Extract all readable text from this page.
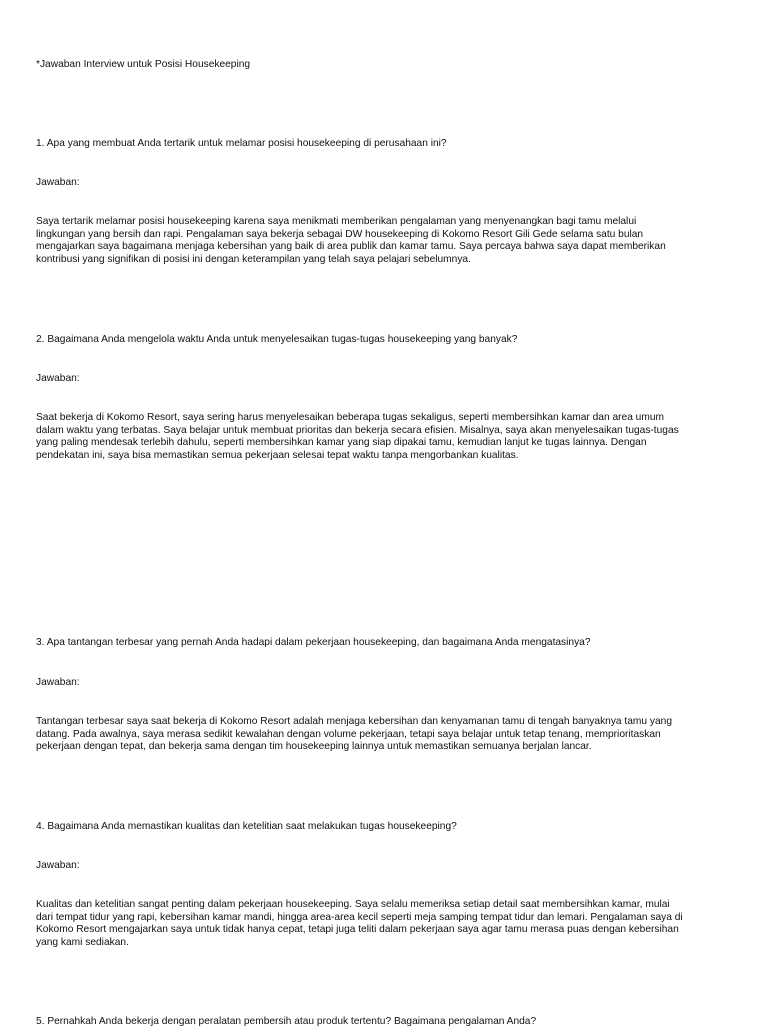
*Jawaban Interview untuk Posisi Housekeeping

1. Apa yang membuat Anda tertarik untuk melamar posisi housekeeping di perusahaan ini?

Jawaban:

Saya tertarik melamar posisi housekeeping karena saya menikmati memberikan pengalaman yang menyenangkan bagi tamu melalui
lingkungan yang bersih dan rapi. Pengalaman saya bekerja sebagai DW housekeeping di Kokomo Resort Gili Gede selama satu bulan
mengajarkan saya bagaimana menjaga kebersihan yang baik di area publik dan kamar tamu. Saya percaya bahwa saya dapat memberikan
kontribusi yang signifikan di posisi ini dengan keterampilan yang telah saya pelajari sebelumnya.

2. Bagaimana Anda mengelola waktu Anda untuk menyelesaikan tugas-tugas housekeeping yang banyak?

Jawaban:

Saat bekerja di Kokomo Resort, saya sering harus menyelesaikan beberapa tugas sekaligus, seperti membersihkan kamar dan area umum
dalam waktu yang terbatas. Saya belajar untuk membuat prioritas dan bekerja secara efisien. Misalnya, saya akan menyelesaikan tugas-tugas
yang paling mendesak terlebih dahulu, seperti membersihkan kamar yang siap dipakai tamu, kemudian lanjut ke tugas lainnya. Dengan
pendekatan ini, saya bisa memastikan semua pekerjaan selesai tepat waktu tanpa mengorbankan kualitas.

3. Apa tantangan terbesar yang pernah Anda hadapi dalam pekerjaan housekeeping, dan bagaimana Anda mengatasinya?

Jawaban:

Tantangan terbesar saya saat bekerja di Kokomo Resort adalah menjaga kebersihan dan kenyamanan tamu di tengah banyaknya tamu yang
datang. Pada awalnya, saya merasa sedikit kewalahan dengan volume pekerjaan, tetapi saya belajar untuk tetap tenang, memprioritaskan
pekerjaan dengan tepat, dan bekerja sama dengan tim housekeeping lainnya untuk memastikan semuanya berjalan lancar.

4. Bagaimana Anda memastikan kualitas dan ketelitian saat melakukan tugas housekeeping?

Jawaban:

Kualitas dan ketelitian sangat penting dalam pekerjaan housekeeping. Saya selalu memeriksa setiap detail saat membersihkan kamar, mulai
dari tempat tidur yang rapi, kebersihan kamar mandi, hingga area-area kecil seperti meja samping tempat tidur dan lemari. Pengalaman saya di
Kokomo Resort mengajarkan saya untuk tidak hanya cepat, tetapi juga teliti dalam pekerjaan saya agar tamu merasa puas dengan kebersihan
yang kami sediakan.

5. Pernahkah Anda bekerja dengan peralatan pembersih atau produk tertentu? Bagaimana pengalaman Anda?
